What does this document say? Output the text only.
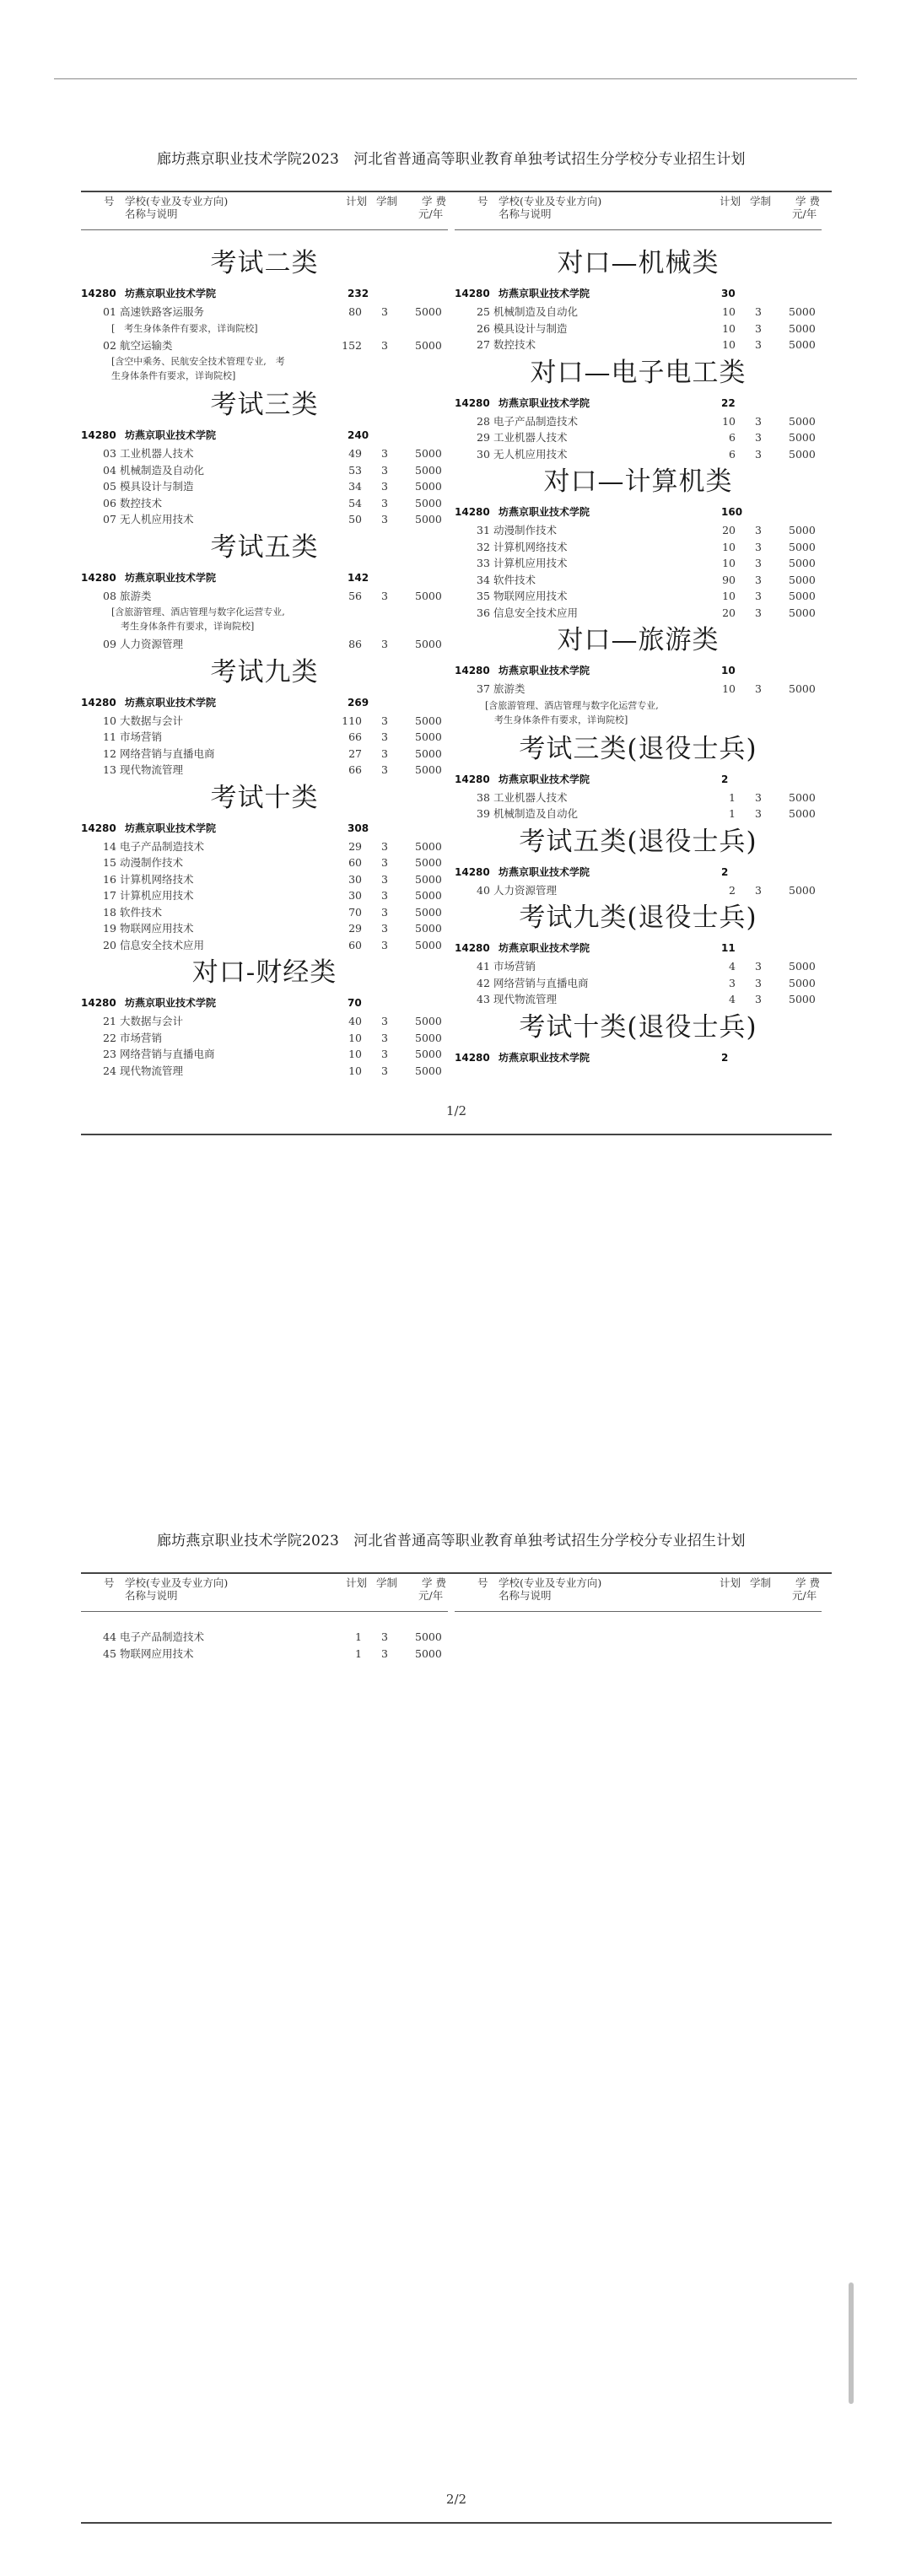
廊坊燕京职业技术学院2023　河北省普通高等职业教育单独考试招生分学校分专业招生计划
号 学校(专业及专业方向)
名称与说明
计划 学制 学 费
元/年
考试二类
14280 坊燕京职业技术学院	232
01 高速铁路客运服务	80 3	5000
[　考生身体条件有要求，详询院校]
02 航空运输类	152 3	5000
[含空中乘务、民航安全技术管理专业,　考
生身体条件有要求，详询院校]
考试三类
14280 坊燕京职业技术学院	240
03 工业机器人技术	49 3	5000
04 机械制造及自动化	53 3	5000
05 模具设计与制造	34 3	5000
06 数控技术	54 3	5000
07 无人机应用技术	50 3	5000
考试五类
14280 坊燕京职业技术学院	142
08 旅游类	56 3	5000
[含旅游管理、酒店管理与数字化运营专业,
　考生身体条件有要求，详询院校]
09 人力资源管理	86 3	5000
考试九类
14280 坊燕京职业技术学院	269
10 大数据与会计	110 3	5000
11 市场营销	66 3	5000
12 网络营销与直播电商	27 3	5000
13 现代物流管理	66 3	5000
考试十类
14280 坊燕京职业技术学院	308
14 电子产品制造技术	29 3	5000
15 动漫制作技术	60 3	5000
16 计算机网络技术	30 3	5000
17 计算机应用技术	30 3	5000
18 软件技术	70 3	5000
19 物联网应用技术	29 3	5000
20 信息安全技术应用	60 3	5000
对口-财经类
14280 坊燕京职业技术学院	70
21 大数据与会计	40 3	5000
22 市场营销	10 3	5000
23 网络营销与直播电商	10 3	5000
24 现代物流管理	10 3	5000
号 学校(专业及专业方向)
名称与说明
计划 学制 学 费
元/年
对口—机械类
14280 坊燕京职业技术学院	30
25 机械制造及自动化	10 3	5000
26 模具设计与制造	10 3	5000
27 数控技术	10 3	5000
对口—电子电工类
14280 坊燕京职业技术学院	22
28 电子产品制造技术	10 3	5000
29 工业机器人技术	6 3	5000
30 无人机应用技术	6 3	5000
对口—计算机类
14280 坊燕京职业技术学院	160
31 动漫制作技术	20 3	5000
32 计算机网络技术	10 3	5000
33 计算机应用技术	10 3	5000
34 软件技术	90 3	5000
35 物联网应用技术	10 3	5000
36 信息安全技术应用	20 3	5000
对口—旅游类
14280 坊燕京职业技术学院	10
37 旅游类	10 3	5000
[含旅游管理、酒店管理与数字化运营专业,
　考生身体条件有要求，详询院校]
考试三类(退役士兵)
14280 坊燕京职业技术学院	2
38 工业机器人技术	1 3	5000
39 机械制造及自动化	1 3	5000
考试五类(退役士兵)
14280 坊燕京职业技术学院	2
40 人力资源管理	2 3	5000
考试九类(退役士兵)
14280 坊燕京职业技术学院	11
41 市场营销	4 3	5000
42 网络营销与直播电商	3 3	5000
43 现代物流管理	4 3	5000
考试十类(退役士兵)
14280 坊燕京职业技术学院	2
1/2
廊坊燕京职业技术学院2023　河北省普通高等职业教育单独考试招生分学校分专业招生计划
号 学校(专业及专业方向)
名称与说明
计划 学制 学 费
元/年
44 电子产品制造技术	1 3	5000
45 物联网应用技术	1 3	5000
号 学校(专业及专业方向)
名称与说明
计划 学制 学 费
元/年
2/2
